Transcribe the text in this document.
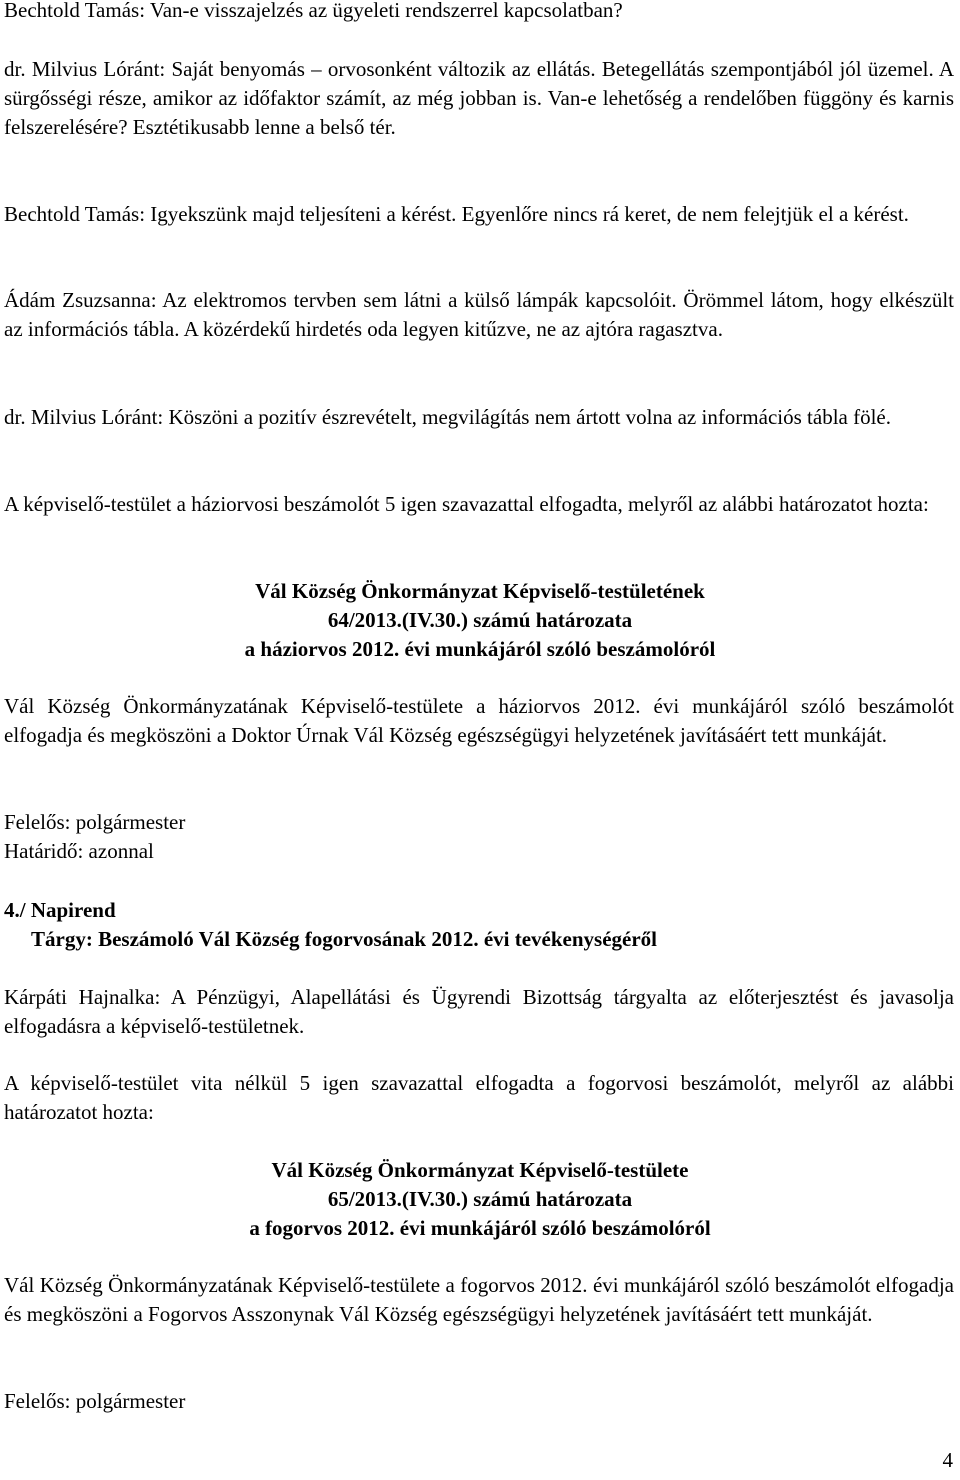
Bechtold Tamás: Van-e visszajelzés az ügyeleti rendszerrel kapcsolatban?

dr. Milvius Lóránt: Saját benyomás – orvosonként változik az ellátás. Betegellátás szempontjából jól üzemel. A sürgősségi része, amikor az időfaktor számít, az még jobban is. Van-e lehetőség a rendelőben függöny és karnis felszerelésére? Esztétikusabb lenne a belső tér.

Bechtold Tamás: Igyekszünk majd teljesíteni a kérést. Egyenlőre nincs rá keret, de nem felejtjük el a kérést.

Ádám Zsuzsanna: Az elektromos tervben sem látni a külső lámpák kapcsolóit. Örömmel látom, hogy elkészült az információs tábla. A közérdekű hirdetés oda legyen kitűzve, ne az ajtóra ragasztva.

dr. Milvius Lóránt: Köszöni a pozitív észrevételt, megvilágítás nem ártott volna az információs tábla fölé.

A képviselő-testület a háziorvosi beszámolót 5 igen szavazattal elfogadta, melyről az alábbi határozatot hozta:

Vál Község Önkormányzat Képviselő-testületének
64/2013.(IV.30.) számú határozata
a háziorvos 2012. évi munkájáról szóló beszámolóról

Vál Község Önkormányzatának Képviselő-testülete a háziorvos 2012. évi munkájáról szóló beszámolót elfogadja és megköszöni a Doktor Úrnak Vál Község egészségügyi helyzetének javításáért tett munkáját.

Felelős: polgármester

Határidő: azonnal

4./ Napirend

Tárgy: Beszámoló Vál Község fogorvosának 2012. évi tevékenységéről

Kárpáti Hajnalka: A Pénzügyi, Alapellátási és Ügyrendi Bizottság tárgyalta az előterjesztést és javasolja elfogadásra a képviselő-testületnek.

A képviselő-testület vita nélkül 5 igen szavazattal elfogadta a fogorvosi beszámolót, melyről az alábbi határozatot hozta:

Vál Község Önkormányzat Képviselő-testülete
65/2013.(IV.30.) számú határozata
a fogorvos 2012. évi munkájáról szóló beszámolóról

Vál Község Önkormányzatának Képviselő-testülete a fogorvos 2012. évi munkájáról szóló beszámolót elfogadja és megköszöni a Fogorvos Asszonynak Vál Község egészségügyi helyzetének javításáért tett munkáját.

Felelős: polgármester

4
